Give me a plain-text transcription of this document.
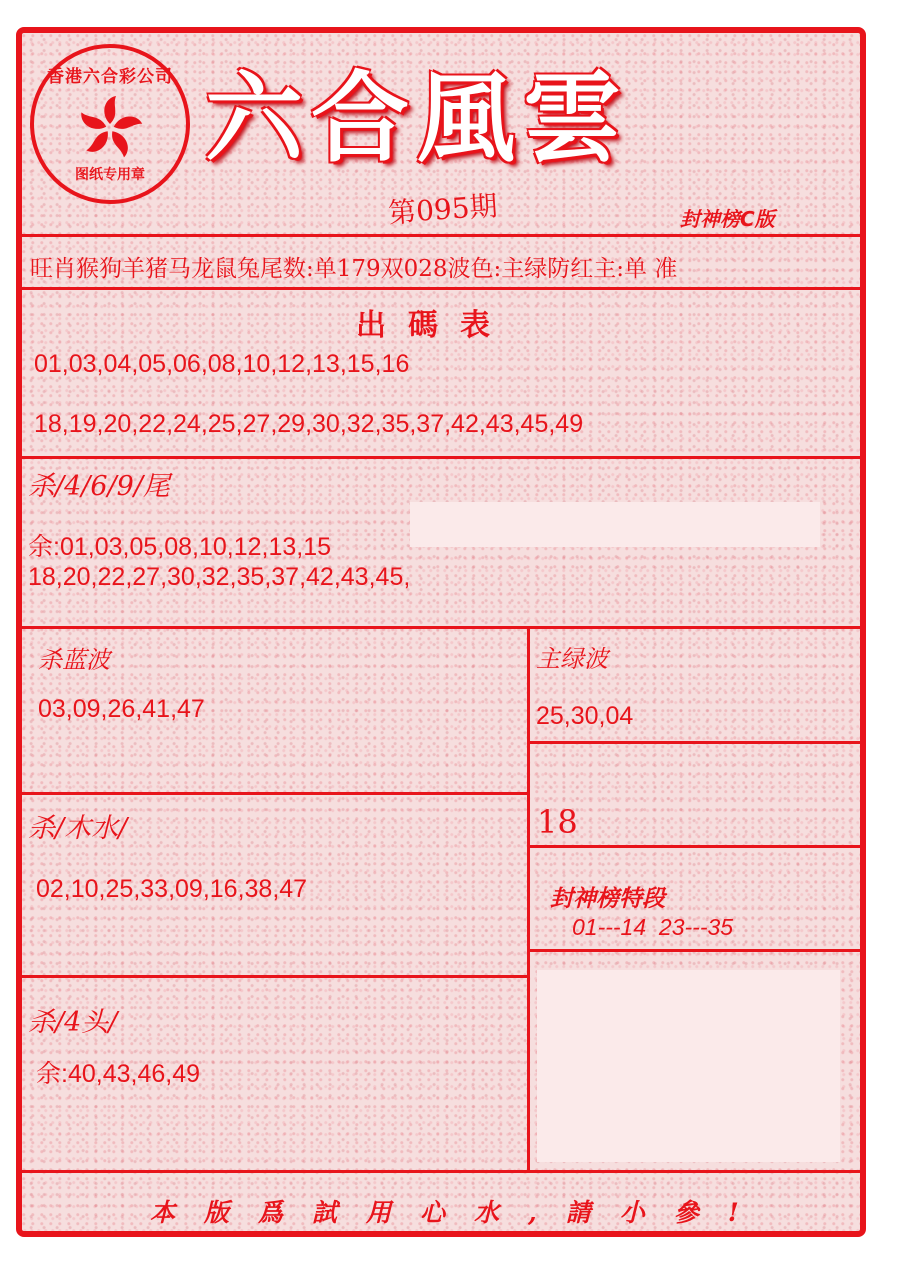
香港六合彩公司
图纸专用章 六合風雲
第095期	封神榜C版
旺肖猴狗羊猪马龙鼠兔尾数:单179双028波色:主绿防红主:单 准
出碼表
01,03,04,05,06,08,10,12,13,15,16
18,19,20,22,24,25,27,29,30,32,35,37,42,43,45,49
杀/4/6/9/尾
余:01,03,05,08,10,12,13,15
18,20,22,27,30,32,35,37,42,43,45,
杀蓝波
03,09,26,41,47
主绿波
25,30,04
杀/木水/
02,10,25,33,09,16,38,47
18
封神榜特段
01---14  23---35
杀/4头/
余:40,43,46,49
本版爲試用心水,請小參!
